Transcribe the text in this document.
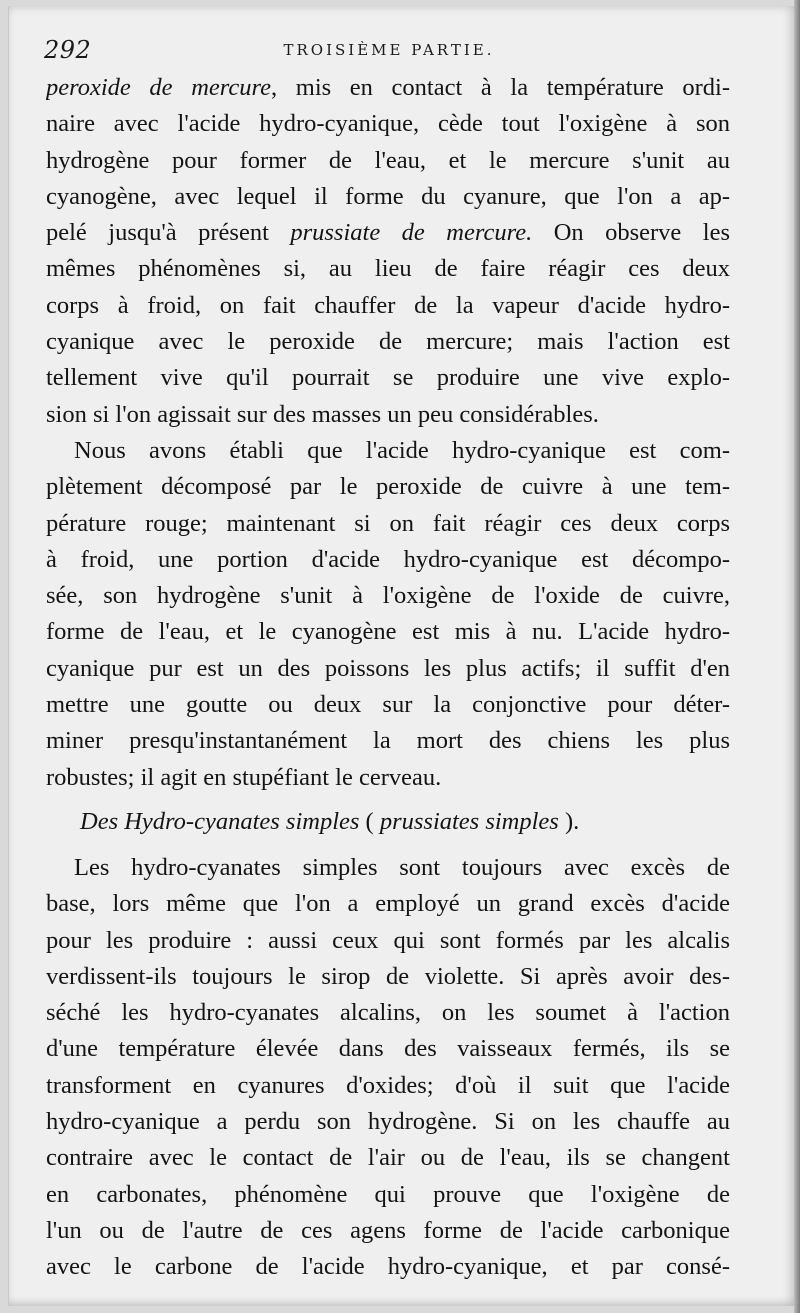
292	TROISIÈME PARTIE.
peroxide de mercure, mis en contact à la température ordi-
naire avec l'acide hydro-cyanique, cède tout l'oxigène à son
hydrogène pour former de l'eau, et le mercure s'unit au
cyanogène, avec lequel il forme du cyanure, que l'on a ap-
pelé jusqu'à présent prussiate de mercure. On observe les
mêmes phénomènes si, au lieu de faire réagir ces deux
corps à froid, on fait chauffer de la vapeur d'acide hydro-
cyanique avec le peroxide de mercure; mais l'action est
tellement vive qu'il pourrait se produire une vive explo-
sion si l'on agissait sur des masses un peu considérables.
Nous avons établi que l'acide hydro-cyanique est com-
plètement décomposé par le peroxide de cuivre à une tem-
pérature rouge; maintenant si on fait réagir ces deux corps
à froid, une portion d'acide hydro-cyanique est décompo-
sée, son hydrogène s'unit à l'oxigène de l'oxide de cuivre,
forme de l'eau, et le cyanogène est mis à nu. L'acide hydro-
cyanique pur est un des poissons les plus actifs; il suffit d'en
mettre une goutte ou deux sur la conjonctive pour déter-
miner presqu'instantanément la mort des chiens les plus
robustes; il agit en stupéfiant le cerveau.
Des Hydro-cyanates simples ( prussiates simples ).
Les hydro-cyanates simples sont toujours avec excès de
base, lors même que l'on a employé un grand excès d'acide
pour les produire : aussi ceux qui sont formés par les alcalis
verdissent-ils toujours le sirop de violette. Si après avoir des-
séché les hydro-cyanates alcalins, on les soumet à l'action
d'une température élevée dans des vaisseaux fermés, ils se
transforment en cyanures d'oxides; d'où il suit que l'acide
hydro-cyanique a perdu son hydrogène. Si on les chauffe au
contraire avec le contact de l'air ou de l'eau, ils se changent
en carbonates, phénomène qui prouve que l'oxigène de
l'un ou de l'autre de ces agens forme de l'acide carbonique
avec le carbone de l'acide hydro-cyanique, et par consé-
